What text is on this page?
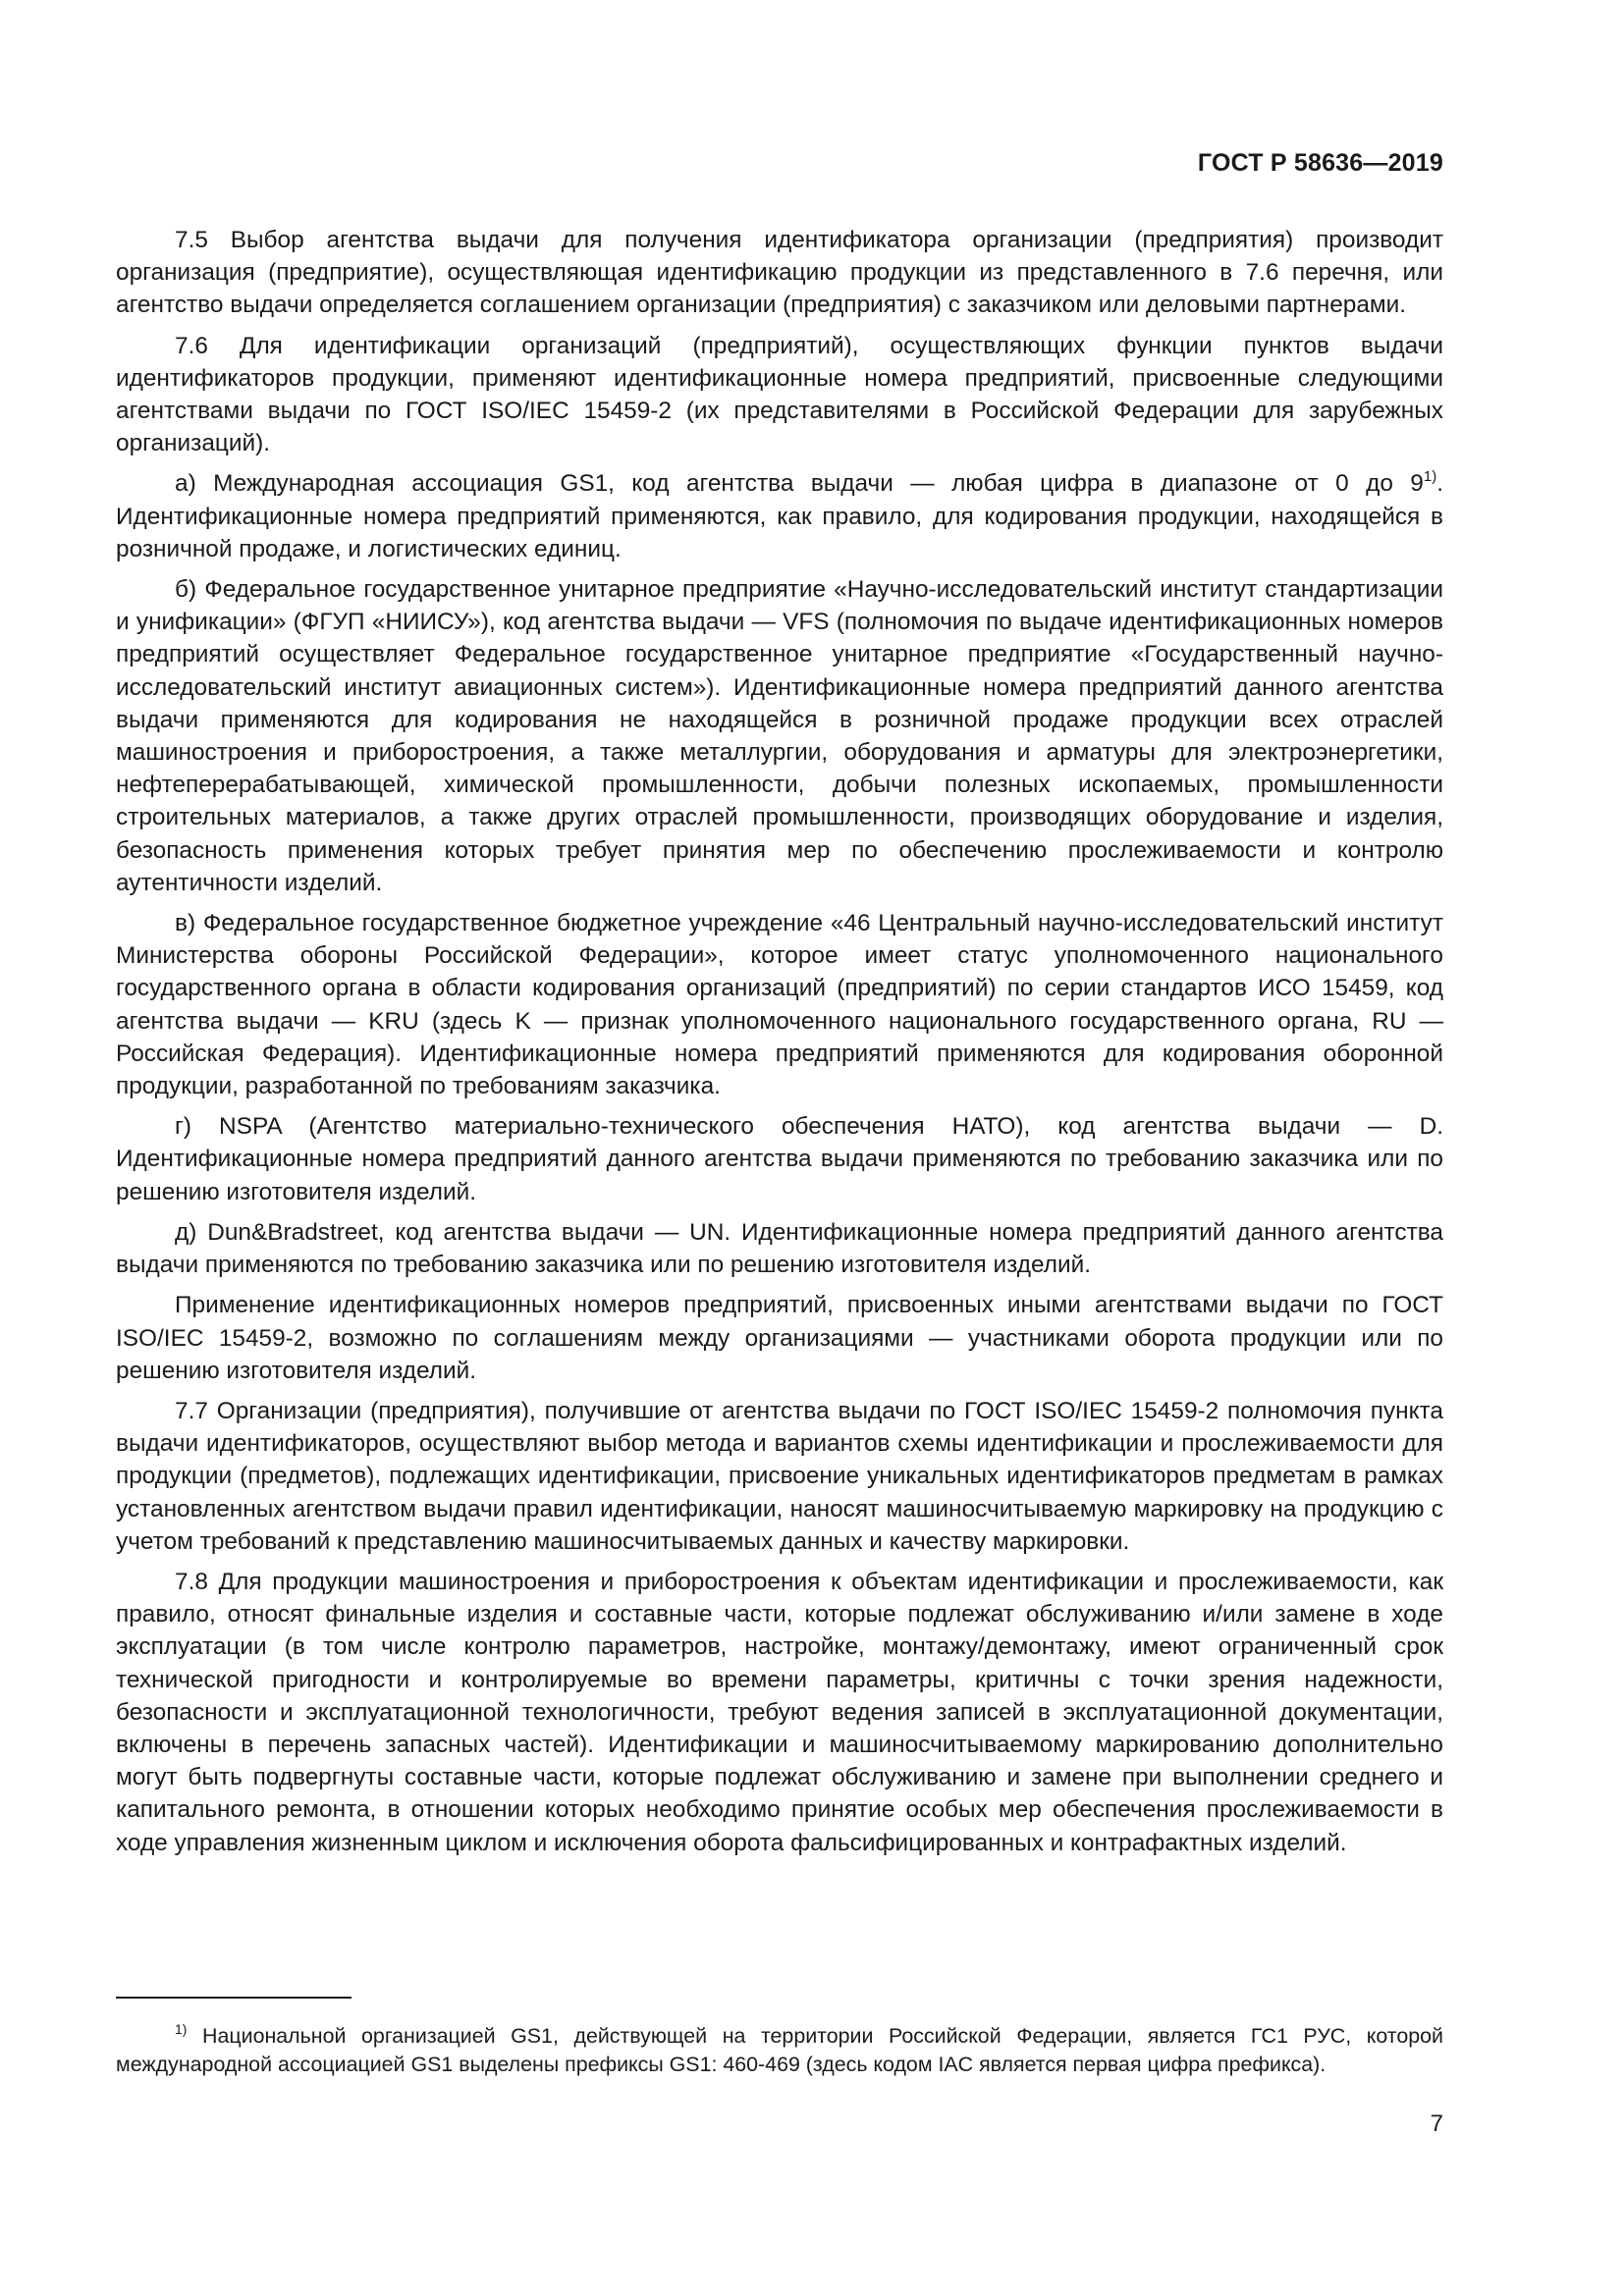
ГОСТ Р 58636—2019

7.5 Выбор агентства выдачи для получения идентификатора организации (предприятия) производит организация (предприятие), осуществляющая идентификацию продукции из представленного в 7.6 перечня, или агентство выдачи определяется соглашением организации (предприятия) с заказчиком или деловыми партнерами.

7.6 Для идентификации организаций (предприятий), осуществляющих функции пунктов выдачи идентификаторов продукции, применяют идентификационные номера предприятий, присвоенные следующими агентствами выдачи по ГОСТ ISO/IEC 15459-2 (их представителями в Российской Федерации для зарубежных организаций).

а) Международная ассоциация GS1, код агентства выдачи — любая цифра в диапазоне от 0 до 9$^{1)}$. Идентификационные номера предприятий применяются, как правило, для кодирования продукции, находящейся в розничной продаже, и логистических единиц.

б) Федеральное государственное унитарное предприятие «Научно-исследовательский институт стандартизации и унификации» (ФГУП «НИИСУ»), код агентства выдачи — VFS (полномочия по выдаче идентификационных номеров предприятий осуществляет Федеральное государственное унитарное предприятие «Государственный научно-исследовательский институт авиационных систем»). Идентификационные номера предприятий данного агентства выдачи применяются для кодирования не находящейся в розничной продаже продукции всех отраслей машиностроения и приборостроения, а также металлургии, оборудования и арматуры для электроэнергетики, нефтеперерабатывающей, химической промышленности, добычи полезных ископаемых, промышленности строительных материалов, а также других отраслей промышленности, производящих оборудование и изделия, безопасность применения которых требует принятия мер по обеспечению прослеживаемости и контролю аутентичности изделий.

в) Федеральное государственное бюджетное учреждение «46 Центральный научно-исследовательский институт Министерства обороны Российской Федерации», которое имеет статус уполномоченного национального государственного органа в области кодирования организаций (предприятий) по серии стандартов ИСО 15459, код агентства выдачи — KRU (здесь K — признак уполномоченного национального государственного органа, RU — Российская Федерация). Идентификационные номера предприятий применяются для кодирования оборонной продукции, разработанной по требованиям заказчика.

г) NSPA (Агентство материально-технического обеспечения НАТО), код агентства выдачи — D. Идентификационные номера предприятий данного агентства выдачи применяются по требованию заказчика или по решению изготовителя изделий.

д) Dun&Bradstreet, код агентства выдачи — UN. Идентификационные номера предприятий данного агентства выдачи применяются по требованию заказчика или по решению изготовителя изделий.

Применение идентификационных номеров предприятий, присвоенных иными агентствами выдачи по ГОСТ ISO/IEC 15459-2, возможно по соглашениям между организациями — участниками оборота продукции или по решению изготовителя изделий.

7.7 Организации (предприятия), получившие от агентства выдачи по ГОСТ ISO/IEC 15459-2 полномочия пункта выдачи идентификаторов, осуществляют выбор метода и вариантов схемы идентификации и прослеживаемости для продукции (предметов), подлежащих идентификации, присвоение уникальных идентификаторов предметам в рамках установленных агентством выдачи правил идентификации, наносят машиносчитываемую маркировку на продукцию с учетом требований к представлению машиносчитываемых данных и качеству маркировки.

7.8 Для продукции машиностроения и приборостроения к объектам идентификации и прослеживаемости, как правило, относят финальные изделия и составные части, которые подлежат обслуживанию и/или замене в ходе эксплуатации (в том числе контролю параметров, настройке, монтажу/демонтажу, имеют ограниченный срок технической пригодности и контролируемые во времени параметры, критичны с точки зрения надежности, безопасности и эксплуатационной технологичности, требуют ведения записей в эксплуатационной документации, включены в перечень запасных частей). Идентификации и машиносчитываемому маркированию дополнительно могут быть подвергнуты составные части, которые подлежат обслуживанию и замене при выполнении среднего и капитального ремонта, в отношении которых необходимо принятие особых мер обеспечения прослеживаемости в ходе управления жизненным циклом и исключения оборота фальсифицированных и контрафактных изделий.

$^{1)}$ Национальной организацией GS1, действующей на территории Российской Федерации, является ГС1 РУС, которой международной ассоциацией GS1 выделены префиксы GS1: 460-469 (здесь кодом IAC является первая цифра префикса).
7
